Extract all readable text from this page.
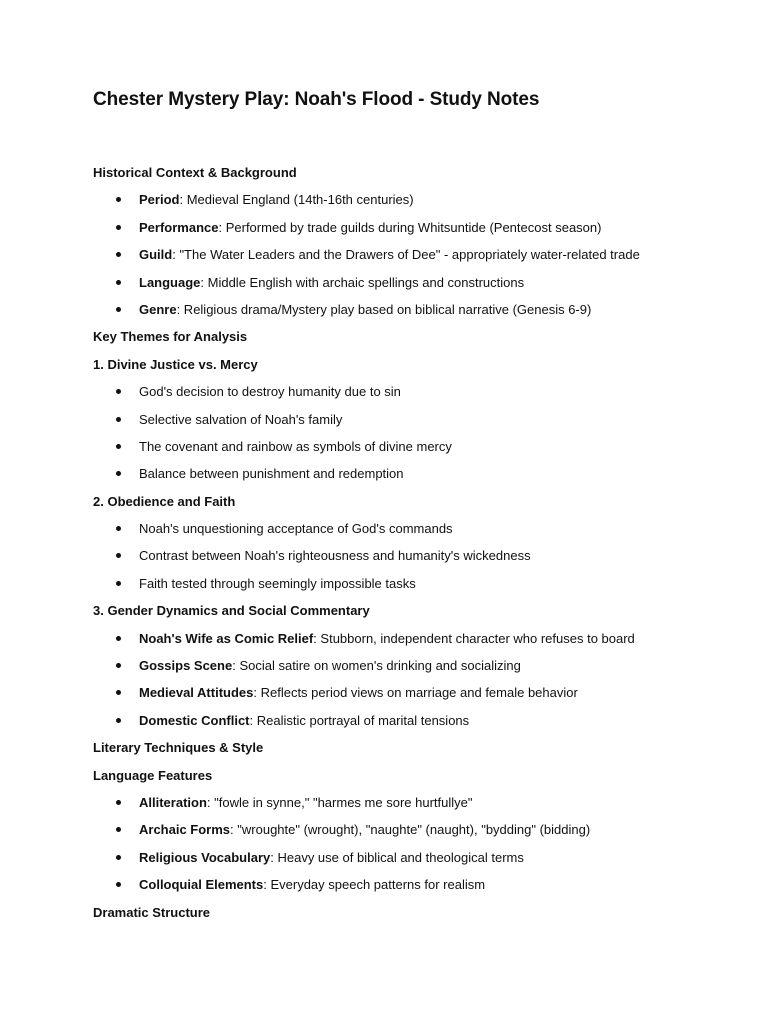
Chester Mystery Play: Noah's Flood - Study Notes
Historical Context & Background
Period: Medieval England (14th-16th centuries)
Performance: Performed by trade guilds during Whitsuntide (Pentecost season)
Guild: "The Water Leaders and the Drawers of Dee" - appropriately water-related trade
Language: Middle English with archaic spellings and constructions
Genre: Religious drama/Mystery play based on biblical narrative (Genesis 6-9)
Key Themes for Analysis
1. Divine Justice vs. Mercy
God's decision to destroy humanity due to sin
Selective salvation of Noah's family
The covenant and rainbow as symbols of divine mercy
Balance between punishment and redemption
2. Obedience and Faith
Noah's unquestioning acceptance of God's commands
Contrast between Noah's righteousness and humanity's wickedness
Faith tested through seemingly impossible tasks
3. Gender Dynamics and Social Commentary
Noah's Wife as Comic Relief: Stubborn, independent character who refuses to board
Gossips Scene: Social satire on women's drinking and socializing
Medieval Attitudes: Reflects period views on marriage and female behavior
Domestic Conflict: Realistic portrayal of marital tensions
Literary Techniques & Style
Language Features
Alliteration: "fowle in synne," "harmes me sore hurtfullye"
Archaic Forms: "wroughte" (wrought), "naughte" (naught), "bydding" (bidding)
Religious Vocabulary: Heavy use of biblical and theological terms
Colloquial Elements: Everyday speech patterns for realism
Dramatic Structure
